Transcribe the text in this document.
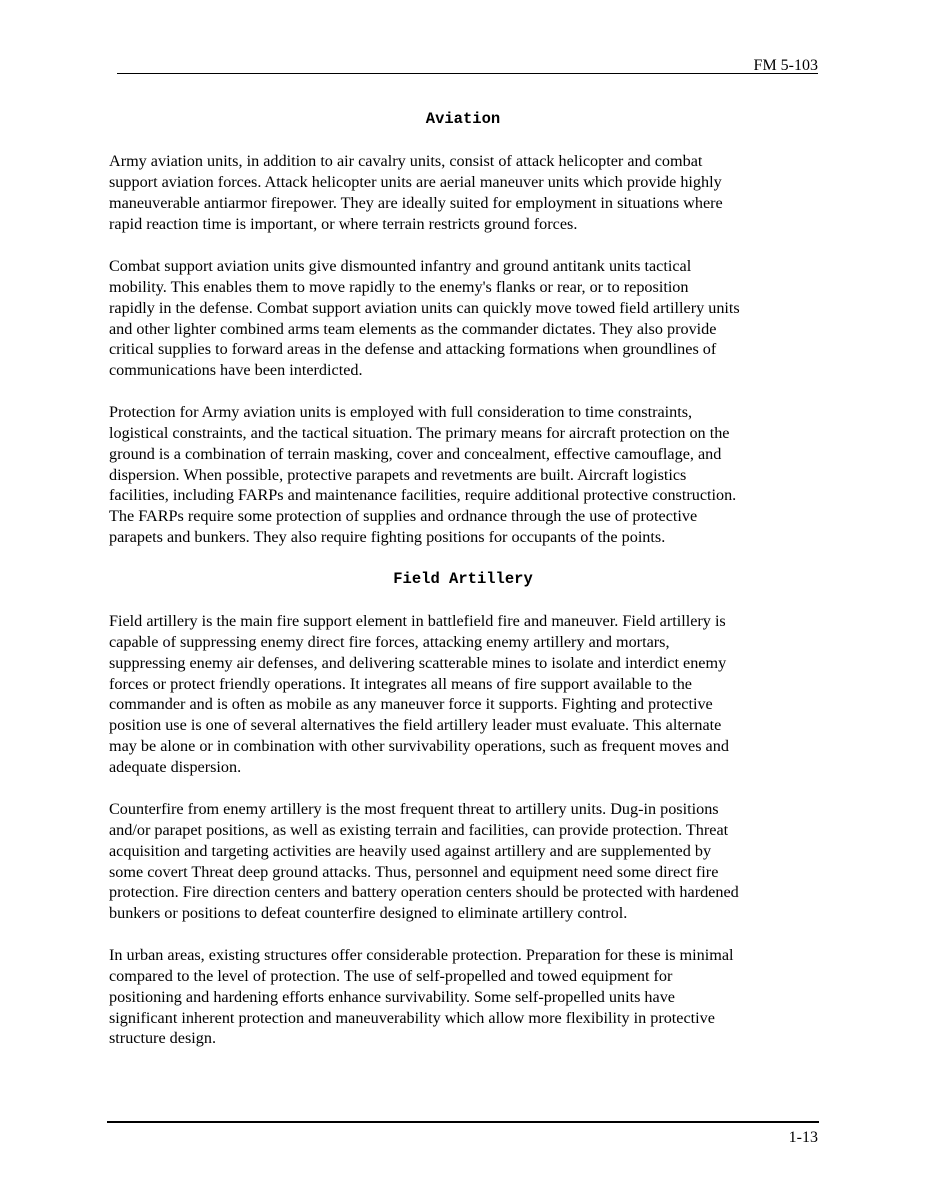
FM 5-103
Aviation

Army aviation units, in addition to air cavalry units, consist of attack helicopter and combat
support aviation forces. Attack helicopter units are aerial maneuver units which provide highly
maneuverable antiarmor firepower. They are ideally suited for employment in situations where
rapid reaction time is important, or where terrain restricts ground forces.

Combat support aviation units give dismounted infantry and ground antitank units tactical
mobility. This enables them to move rapidly to the enemy's flanks or rear, or to reposition
rapidly in the defense. Combat support aviation units can quickly move towed field artillery units
and other lighter combined arms team elements as the commander dictates. They also provide
critical supplies to forward areas in the defense and attacking formations when groundlines of
communications have been interdicted.

Protection for Army aviation units is employed with full consideration to time constraints,
logistical constraints, and the tactical situation. The primary means for aircraft protection on the
ground is a combination of terrain masking, cover and concealment, effective camouflage, and
dispersion. When possible, protective parapets and revetments are built. Aircraft logistics
facilities, including FARPs and maintenance facilities, require additional protective construction.
The FARPs require some protection of supplies and ordnance through the use of protective
parapets and bunkers. They also require fighting positions for occupants of the points.

Field Artillery

Field artillery is the main fire support element in battlefield fire and maneuver. Field artillery is
capable of suppressing enemy direct fire forces, attacking enemy artillery and mortars,
suppressing enemy air defenses, and delivering scatterable mines to isolate and interdict enemy
forces or protect friendly operations. It integrates all means of fire support available to the
commander and is often as mobile as any maneuver force it supports. Fighting and protective
position use is one of several alternatives the field artillery leader must evaluate. This alternate
may be alone or in combination with other survivability operations, such as frequent moves and
adequate dispersion.

Counterfire from enemy artillery is the most frequent threat to artillery units. Dug-in positions
and/or parapet positions, as well as existing terrain and facilities, can provide protection. Threat
acquisition and targeting activities are heavily used against artillery and are supplemented by
some covert Threat deep ground attacks. Thus, personnel and equipment need some direct fire
protection. Fire direction centers and battery operation centers should be protected with hardened
bunkers or positions to defeat counterfire designed to eliminate artillery control.

In urban areas, existing structures offer considerable protection. Preparation for these is minimal
compared to the level of protection. The use of self-propelled and towed equipment for
positioning and hardening efforts enhance survivability. Some self-propelled units have
significant inherent protection and maneuverability which allow more flexibility in protective
structure design.

1-13
